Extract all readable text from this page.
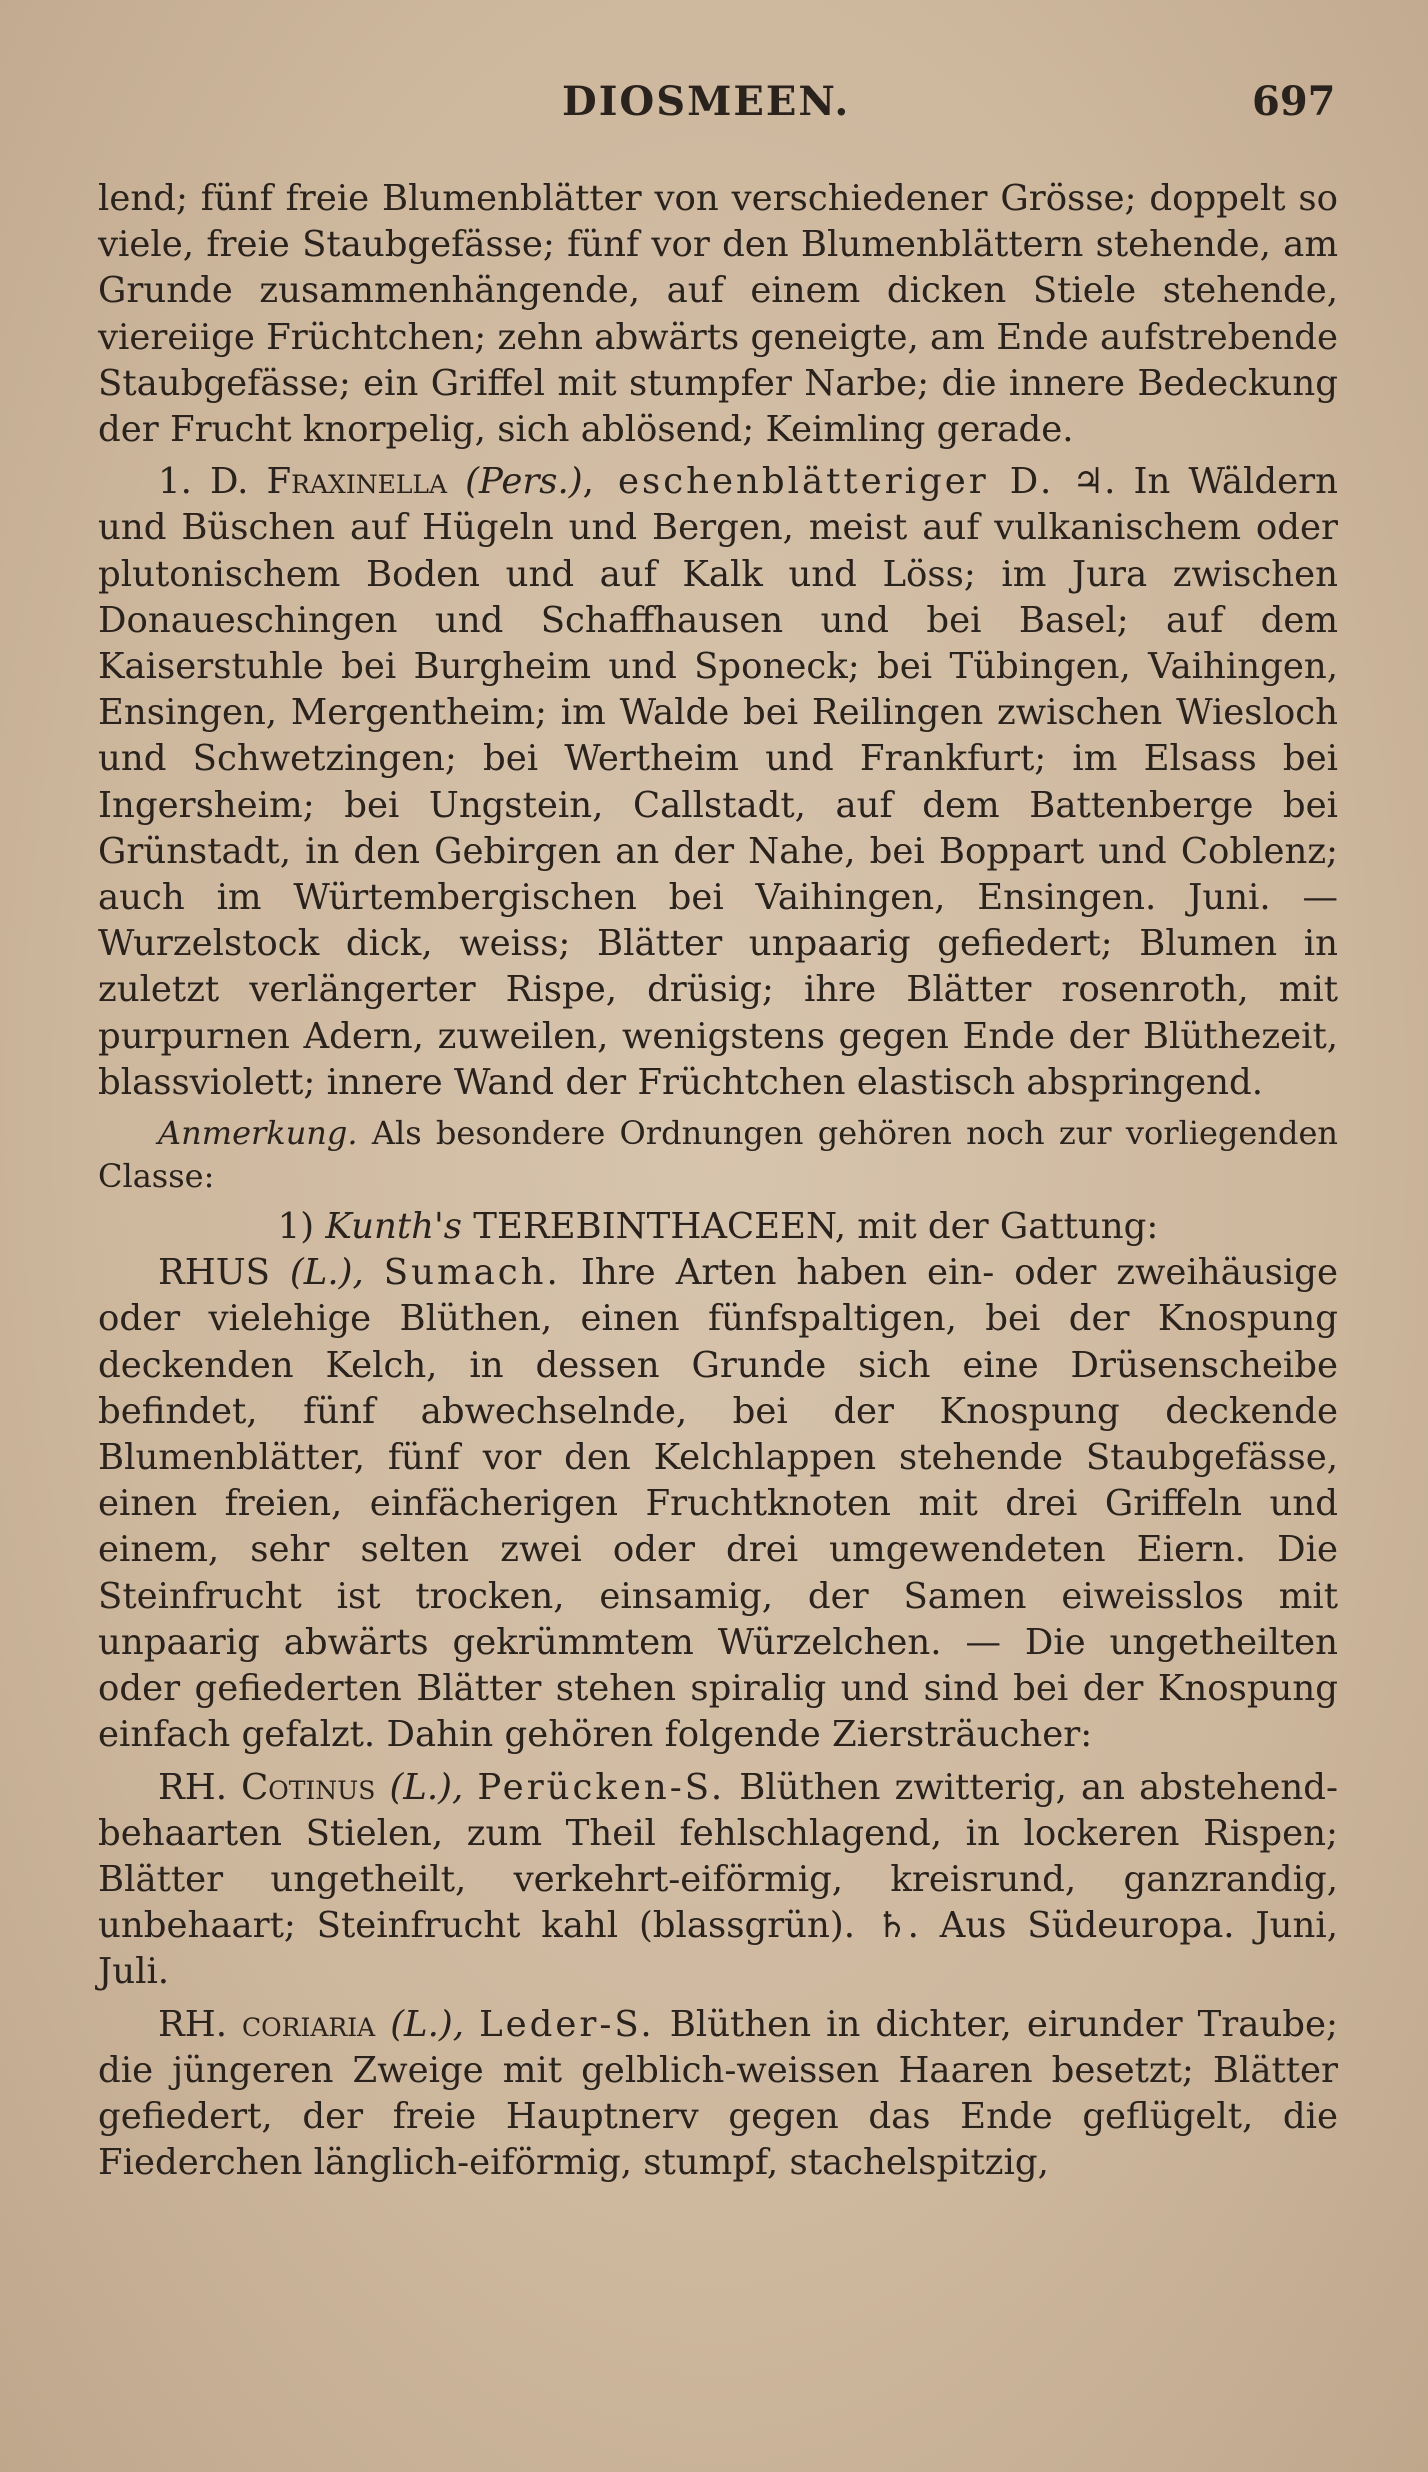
DIOSMEEN.	697

lend; fünf freie Blumenblätter von verschiedener Grösse; doppelt so viele, freie Staubgefässe; fünf vor den Blumenblättern stehende, am Grunde zusammenhängende, auf einem dicken Stiele stehende, viereiige Früchtchen; zehn abwärts geneigte, am Ende aufstrebende Staubgefässe; ein Griffel mit stumpfer Narbe; die innere Bedeckung der Frucht knorpelig, sich ablösend; Keimling gerade.

1. D. Fraxinella (Pers.), eschenblätteriger D. ♃. In Wäldern und Büschen auf Hügeln und Bergen, meist auf vulkanischem oder plutonischem Boden und auf Kalk und Löss; im Jura zwischen Donaueschingen und Schaffhausen und bei Basel; auf dem Kaiserstuhle bei Burgheim und Sponeck; bei Tübingen, Vaihingen, Ensingen, Mergentheim; im Walde bei Reilingen zwischen Wiesloch und Schwetzingen; bei Wertheim und Frankfurt; im Elsass bei Ingersheim; bei Ungstein, Callstadt, auf dem Battenberge bei Grünstadt, in den Gebirgen an der Nahe, bei Boppart und Coblenz; auch im Würtembergischen bei Vaihingen, Ensingen. Juni. — Wurzelstock dick, weiss; Blätter unpaarig gefiedert; Blumen in zuletzt verlängerter Rispe, drüsig; ihre Blätter rosenroth, mit purpurnen Adern, zuweilen, wenigstens gegen Ende der Blüthezeit, blassviolett; innere Wand der Früchtchen elastisch abspringend.

Anmerkung. Als besondere Ordnungen gehören noch zur vorliegenden Classe:

1) Kunth's TEREBINTHACEEN, mit der Gattung:

RHUS (L.), Sumach. Ihre Arten haben ein- oder zweihäusige oder vielehige Blüthen, einen fünfspaltigen, bei der Knospung deckenden Kelch, in dessen Grunde sich eine Drüsenscheibe befindet, fünf abwechselnde, bei der Knospung deckende Blumenblätter, fünf vor den Kelchlappen stehende Staubgefässe, einen freien, einfächerigen Fruchtknoten mit drei Griffeln und einem, sehr selten zwei oder drei umgewendeten Eiern. Die Steinfrucht ist trocken, einsamig, der Samen eiweisslos mit unpaarig abwärts gekrümmtem Würzelchen. — Die ungetheilten oder gefiederten Blätter stehen spiralig und sind bei der Knospung einfach gefalzt. Dahin gehören folgende Ziersträucher:

RH. Cotinus (L.), Perücken-S. Blüthen zwitterig, an abstehend-behaarten Stielen, zum Theil fehlschlagend, in lockeren Rispen; Blätter ungetheilt, verkehrt-eiförmig, kreisrund, ganzrandig, unbehaart; Steinfrucht kahl (blassgrün). ♄. Aus Südeuropa. Juni, Juli.

RH. coriaria (L.), Leder-S. Blüthen in dichter, eirunder Traube; die jüngeren Zweige mit gelblich-weissen Haaren besetzt; Blätter gefiedert, der freie Hauptnerv gegen das Ende geflügelt, die Fiederchen länglich-eiförmig, stumpf, stachelspitzig,
